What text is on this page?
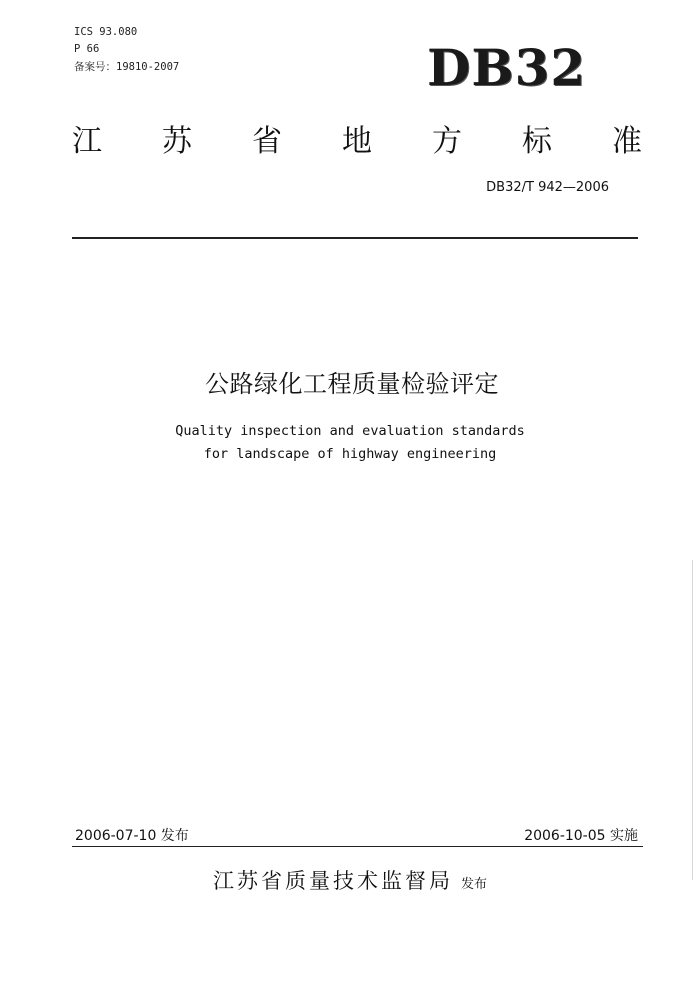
ICS 93.080
P 66
备案号：19810-2007	DB32
江 苏 省 地 方 标 准
DB32/T 942—2006
公路绿化工程质量检验评定
Quality inspection and evaluation standards
for landscape of highway engineering
2006-07-10 发布	2006-10-05 实施
江苏省质量技术监督局 发布
